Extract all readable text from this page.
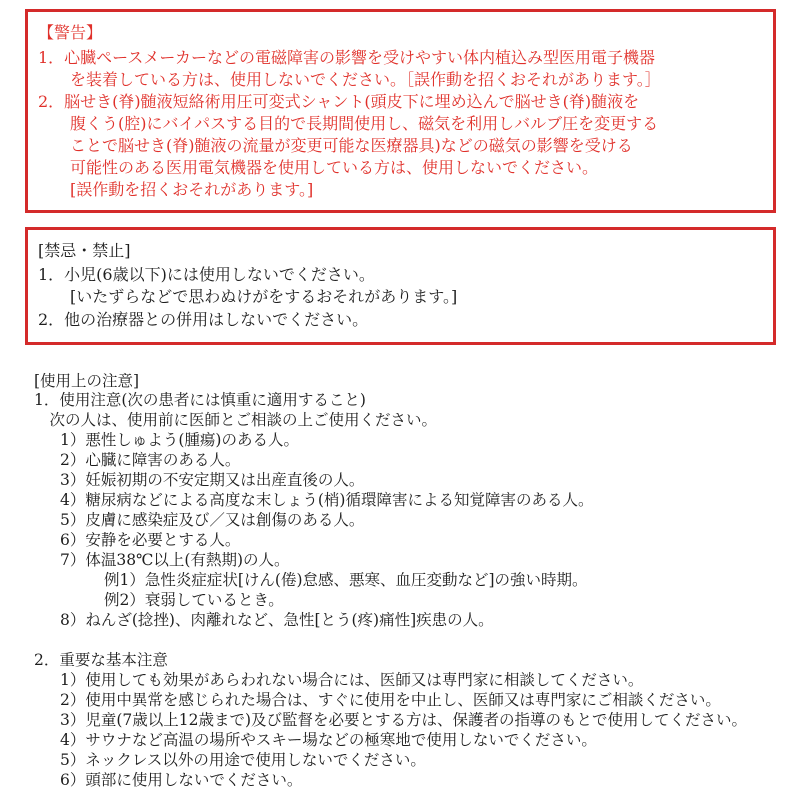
【警告】
1．心臓ペースメーカーなどの電磁障害の影響を受けやすい体内植込み型医用電子機器
　　を装着している方は、使用しないでください。［誤作動を招くおそれがあります。］
2．脳せき(脊)髄液短絡術用圧可変式シャント(頭皮下に埋め込んで脳せき(脊)髄液を
　　腹くう(腔)にバイパスする目的で長期間使用し、磁気を利用しバルブ圧を変更する
　　ことで脳せき(脊)髄液の流量が変更可能な医療器具)などの磁気の影響を受ける
　　可能性のある医用電気機器を使用している方は、使用しないでください。
　　[誤作動を招くおそれがあります。]
[禁忌・禁止]
1．小児(6歳以下)には使用しないでください。
　　[いたずらなどで思わぬけがをするおそれがあります。]
2．他の治療器との併用はしないでください。
[使用上の注意]
1．使用注意(次の患者には慎重に適用すること)
　次の人は、使用前に医師とご相談の上ご使用ください。
1）悪性しゅよう(腫瘍)のある人。
2）心臓に障害のある人。
3）妊娠初期の不安定期又は出産直後の人。
4）糖尿病などによる高度な末しょう(梢)循環障害による知覚障害のある人。
5）皮膚に感染症及び／又は創傷のある人。
6）安静を必要とする人。
7）体温38℃以上(有熱期)の人。
例1）急性炎症症状[けん(倦)怠感、悪寒、血圧変動など]の強い時期。
例2）衰弱しているとき。
8）ねんざ(捻挫)、肉離れなど、急性[とう(疼)痛性]疾患の人。
2．重要な基本注意
1）使用しても効果があらわれない場合には、医師又は専門家に相談してください。
2）使用中異常を感じられた場合は、すぐに使用を中止し、医師又は専門家にご相談ください。
3）児童(7歳以上12歳まで)及び監督を必要とする方は、保護者の指導のもとで使用してください。
4）サウナなど高温の場所やスキー場などの極寒地で使用しないでください。
5）ネックレス以外の用途で使用しないでください。
6）頭部に使用しないでください。
